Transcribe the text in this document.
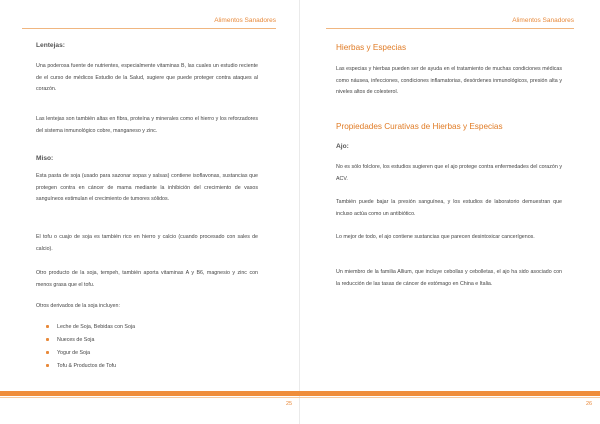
Alimentos Sanadores
Lentejas:
Una poderosa fuente de nutrientes, especialmente vitaminas B, las cuales un estudio reciente de el curso de médicos Estudio de la Salud, sugiere que puede proteger contra ataques al corazón.
Las lentejas son también altas en fibra, proteína y minerales como el hierro y los reforzadores del sistema inmunológico cobre, manganeso y zinc.
Miso:
Esta pasta de soja (usado para sazonar sopas y salsas) contiene isoflavonas, sustancias que protegen contra en cáncer de mama mediante la inhibición del crecimiento de vasos sanguíneos estimulan el crecimiento de tumores sólidos.
El tofu o cuajo de soja es también rico en hierro y calcio (cuando procesado con sales de calcio).
Otro producto de la soja, tempeh, también aporta vitaminas A y B6, magnesio y zinc con menos grasa que el tofu.
Otros derivados de la soja incluyen:
Leche de Soja, Bebidas con Soja
Nueces de Soja
Yogur de Soja
Tofu & Productos de Tofu
25
Alimentos Sanadores
Hierbas y Especias
Las especias y hierbas pueden ser de ayuda en el tratamiento de muchas condiciones médicas como náusea, infecciones, condiciones inflamatorias, desórdenes inmunológicos, presión alta y niveles altos de colesterol.
Propiedades Curativas de Hierbas y Especias
Ajo:
No es sólo folclore, los estudios sugieren que el ajo protege contra enfermedades del corazón y ACV.
También puede bajar la presión sanguínea, y los estudios de laboratorio demuestran que incluso actúa como un antibiótico.
Lo mejor de todo, el ajo contiene sustancias que parecen desintoxicar cancerígenos.
Un miembro de la familia Allium, que incluye cebollas y cebolletas, el ajo ha sido asociado con la reducción de las tasas de cáncer de estómago en China e Italia.
26
